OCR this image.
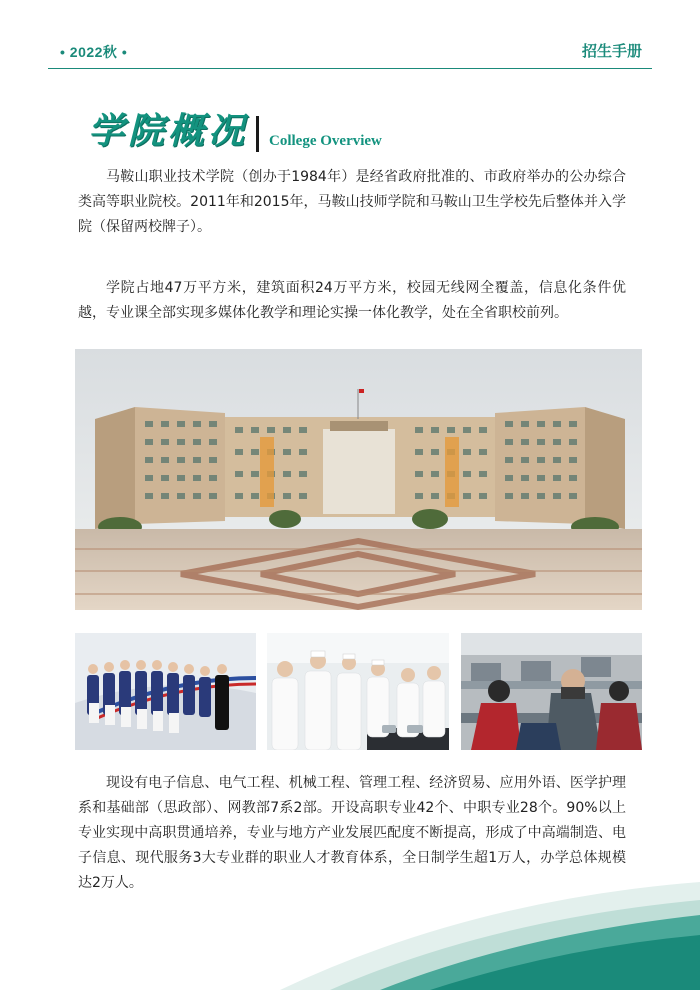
• 2022秋 •	招生手册
学院概况 College Overview

马鞍山职业技术学院（创办于1984年）是经省政府批准的、市政府举办的公办综合类高等职业院校。2011年和2015年，马鞍山技师学院和马鞍山卫生学校先后整体并入学院（保留两校牌子）。

学院占地47万平方米，建筑面积24万平方米，校园无线网全覆盖，信息化条件优越，专业课全部实现多媒体化教学和理论实操一体化教学，处在全省职校前列。

现设有电子信息、电气工程、机械工程、管理工程、经济贸易、应用外语、医学护理系和基础部（思政部）、网教部7系2部。开设高职专业42个、中职专业28个。90%以上专业实现中高职贯通培养，专业与地方产业发展匹配度不断提高，形成了中高端制造、电子信息、现代服务3大专业群的职业人才教育体系，全日制学生超1万人，办学总体规模达2万人。
